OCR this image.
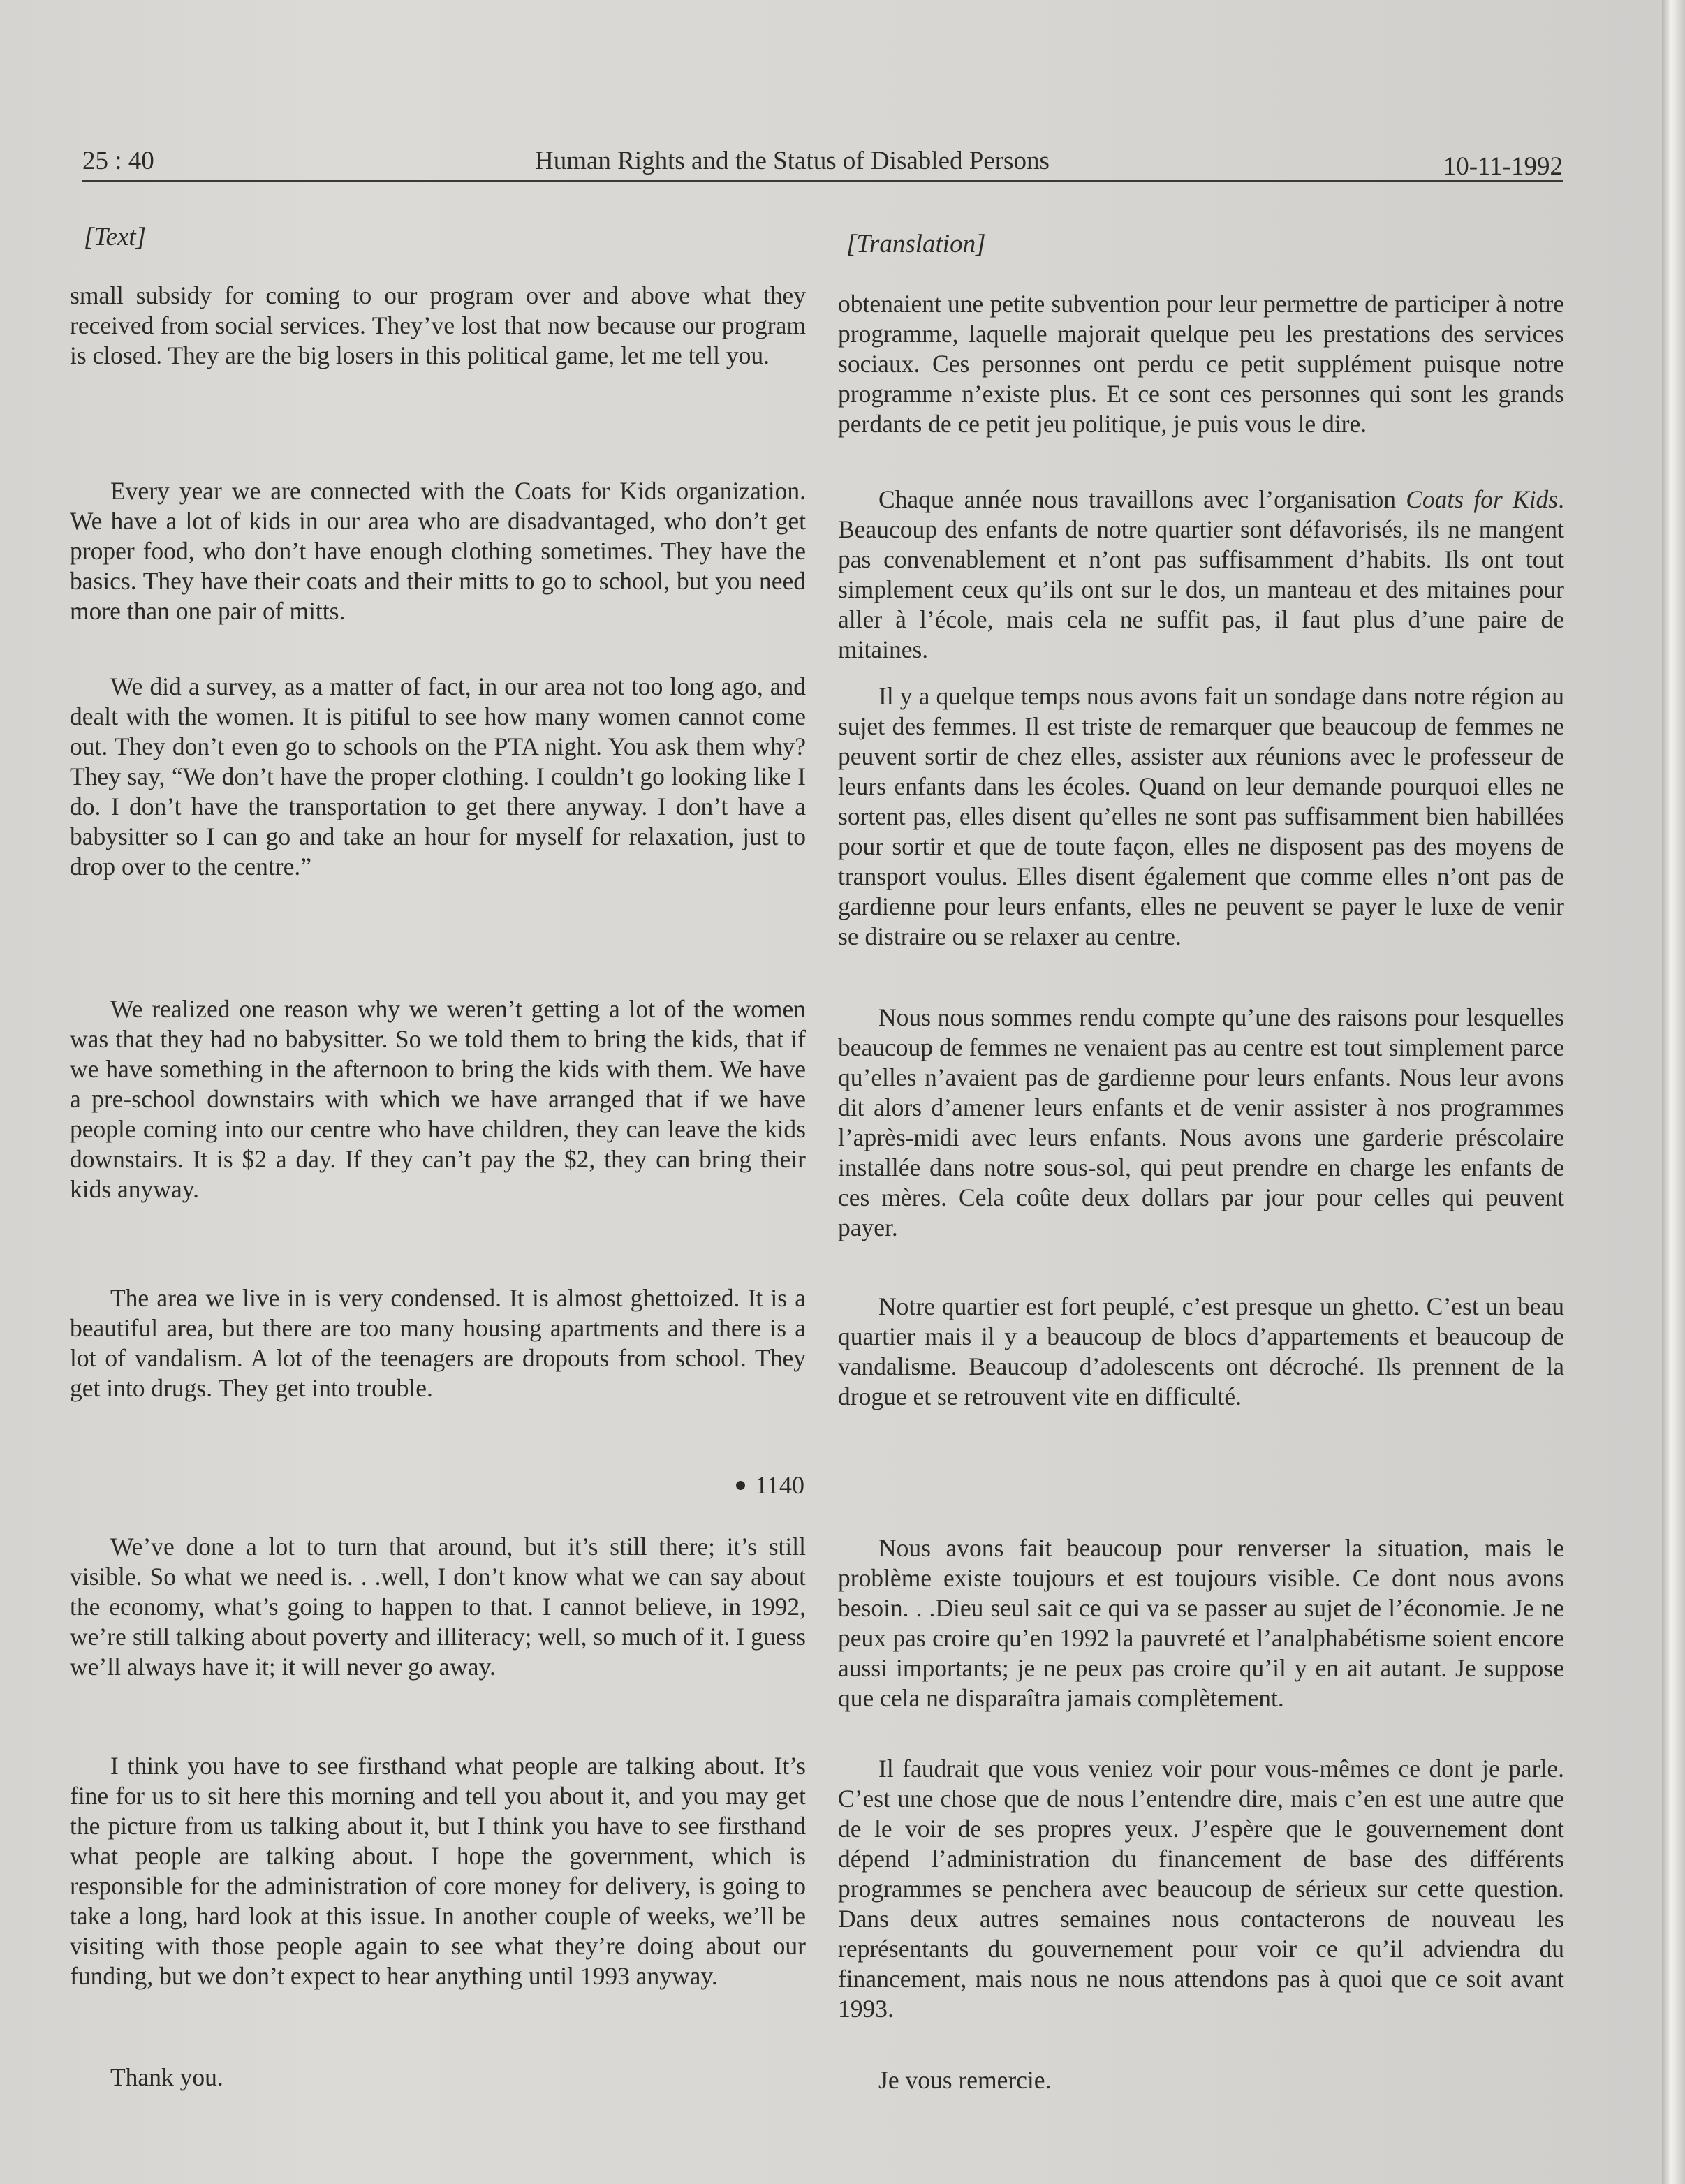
25 : 40	Human Rights and the Status of Disabled Persons	10-11-1992
[Text]

small subsidy for coming to our program over and above what they received from social services. They’ve lost that now because our program is closed. They are the big losers in this political game, let me tell you.

Every year we are connected with the Coats for Kids organization. We have a lot of kids in our area who are disadvantaged, who don’t get proper food, who don’t have enough clothing sometimes. They have the basics. They have their coats and their mitts to go to school, but you need more than one pair of mitts.

We did a survey, as a matter of fact, in our area not too long ago, and dealt with the women. It is pitiful to see how many women cannot come out. They don’t even go to schools on the PTA night. You ask them why? They say, “We don’t have the proper clothing. I couldn’t go looking like I do. I don’t have the transportation to get there anyway. I don’t have a babysitter so I can go and take an hour for myself for relaxation, just to drop over to the centre.”

We realized one reason why we weren’t getting a lot of the women was that they had no babysitter. So we told them to bring the kids, that if we have something in the afternoon to bring the kids with them. We have a pre-school downstairs with which we have arranged that if we have people coming into our centre who have children, they can leave the kids downstairs. It is $2 a day. If they can’t pay the $2, they can bring their kids anyway.

The area we live in is very condensed. It is almost ghettoized. It is a beautiful area, but there are too many housing apartments and there is a lot of vandalism. A lot of the teenagers are dropouts from school. They get into drugs. They get into trouble.

1140

We’ve done a lot to turn that around, but it’s still there; it’s still visible. So what we need is. . .well, I don’t know what we can say about the economy, what’s going to happen to that. I cannot believe, in 1992, we’re still talking about poverty and illiteracy; well, so much of it. I guess we’ll always have it; it will never go away.

I think you have to see firsthand what people are talking about. It’s fine for us to sit here this morning and tell you about it, and you may get the picture from us talking about it, but I think you have to see firsthand what people are talking about. I hope the government, which is responsible for the administration of core money for delivery, is going to take a long, hard look at this issue. In another couple of weeks, we’ll be visiting with those people again to see what they’re doing about our funding, but we don’t expect to hear anything until 1993 anyway.

Thank you.

[Translation]

obtenaient une petite subvention pour leur permettre de participer à notre programme, laquelle majorait quelque peu les prestations des services sociaux. Ces personnes ont perdu ce petit supplément puisque notre programme n’existe plus. Et ce sont ces personnes qui sont les grands perdants de ce petit jeu politique, je puis vous le dire.

Chaque année nous travaillons avec l’organisation Coats for Kids. Beaucoup des enfants de notre quartier sont défavorisés, ils ne mangent pas convenablement et n’ont pas suffisamment d’habits. Ils ont tout simplement ceux qu’ils ont sur le dos, un manteau et des mitaines pour aller à l’école, mais cela ne suffit pas, il faut plus d’une paire de mitaines.

Il y a quelque temps nous avons fait un sondage dans notre région au sujet des femmes. Il est triste de remarquer que beaucoup de femmes ne peuvent sortir de chez elles, assister aux réunions avec le professeur de leurs enfants dans les écoles. Quand on leur demande pourquoi elles ne sortent pas, elles disent qu’elles ne sont pas suffisamment bien habillées pour sortir et que de toute façon, elles ne disposent pas des moyens de transport voulus. Elles disent également que comme elles n’ont pas de gardienne pour leurs enfants, elles ne peuvent se payer le luxe de venir se distraire ou se relaxer au centre.

Nous nous sommes rendu compte qu’une des raisons pour lesquelles beaucoup de femmes ne venaient pas au centre est tout simplement parce qu’elles n’avaient pas de gardienne pour leurs enfants. Nous leur avons dit alors d’amener leurs enfants et de venir assister à nos programmes l’après-midi avec leurs enfants. Nous avons une garderie préscolaire installée dans notre sous-sol, qui peut prendre en charge les enfants de ces mères. Cela coûte deux dollars par jour pour celles qui peuvent payer.

Notre quartier est fort peuplé, c’est presque un ghetto. C’est un beau quartier mais il y a beaucoup de blocs d’appartements et beaucoup de vandalisme. Beaucoup d’adolescents ont décroché. Ils prennent de la drogue et se retrouvent vite en difficulté.

Nous avons fait beaucoup pour renverser la situation, mais le problème existe toujours et est toujours visible. Ce dont nous avons besoin. . .Dieu seul sait ce qui va se passer au sujet de l’économie. Je ne peux pas croire qu’en 1992 la pauvreté et l’analphabétisme soient encore aussi importants; je ne peux pas croire qu’il y en ait autant. Je suppose que cela ne disparaîtra jamais complètement.

Il faudrait que vous veniez voir pour vous-mêmes ce dont je parle. C’est une chose que de nous l’entendre dire, mais c’en est une autre que de le voir de ses propres yeux. J’espère que le gouvernement dont dépend l’administration du financement de base des différents programmes se penchera avec beaucoup de sérieux sur cette question. Dans deux autres semaines nous contacterons de nouveau les représentants du gouvernement pour voir ce qu’il adviendra du financement, mais nous ne nous attendons pas à quoi que ce soit avant 1993.

Je vous remercie.
